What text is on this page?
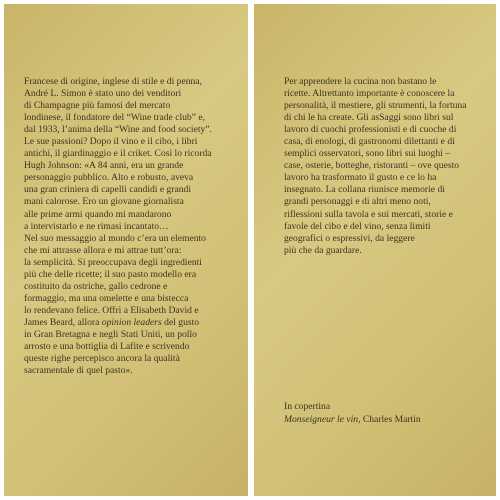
Francese di origine, inglese di stile e di penna,
André L. Simon è stato uno dei venditori
di Champagne più famosi del mercato
londinese, il fondatore del “Wine trade club” e,
dal 1933, l’anima della “Wine and food society”.
Le sue passioni? Dopo il vino e il cibo, i libri
antichi, il giardinaggio e il criket. Così lo ricorda
Hugh Johnson: «A 84 anni, era un grande
personaggio pubblico. Alto e robusto, aveva
una gran criniera di capelli candidi e grandi
mani calorose. Ero un giovane giornalista
alle prime armi quando mi mandarono
a intervistarlo e ne rimasi incantato…
Nel suo messaggio al mondo c’era un elemento
che mi attrasse allora e mi attrae tutt’ora:
la semplicità. Si preoccupava degli ingredienti
più che delle ricette; il suo pasto modello era
costituito da ostriche, gallo cedrone e
formaggio, ma una omelette e una bistecca
lo rendevano felice. Offrì a Elisabeth David e
James Beard, allora opinion leaders del gusto
in Gran Bretagna e negli Stati Uniti, un pollo
arrosto e una bottiglia di Lafite e scrivendo
queste righe percepisco ancora la qualità
sacramentale di quel pasto».
Per apprendere la cucina non bastano le
ricette. Altrettanto importante è conoscere la
personalità, il mestiere, gli strumenti, la fortuna
di chi le ha create. Gli asSaggi sono libri sul
lavoro di cuochi professionisti e di cuoche di
casa, di enologi, di gastronomi dilettanti e di
semplici osservatori, sono libri sui luoghi –
case, osterie, botteghe, ristoranti – ove questo
lavoro ha trasformato il gusto e ce lo ha
insegnato. La collana riunisce memorie di
grandi personaggi e di altri meno noti,
riflessioni sulla tavola e sui mercati, storie e
favole del cibo e del vino, senza limiti
geografici o espressivi, da leggere
più che da guardare.
In copertina
Monseigneur le vin, Charles Martin
